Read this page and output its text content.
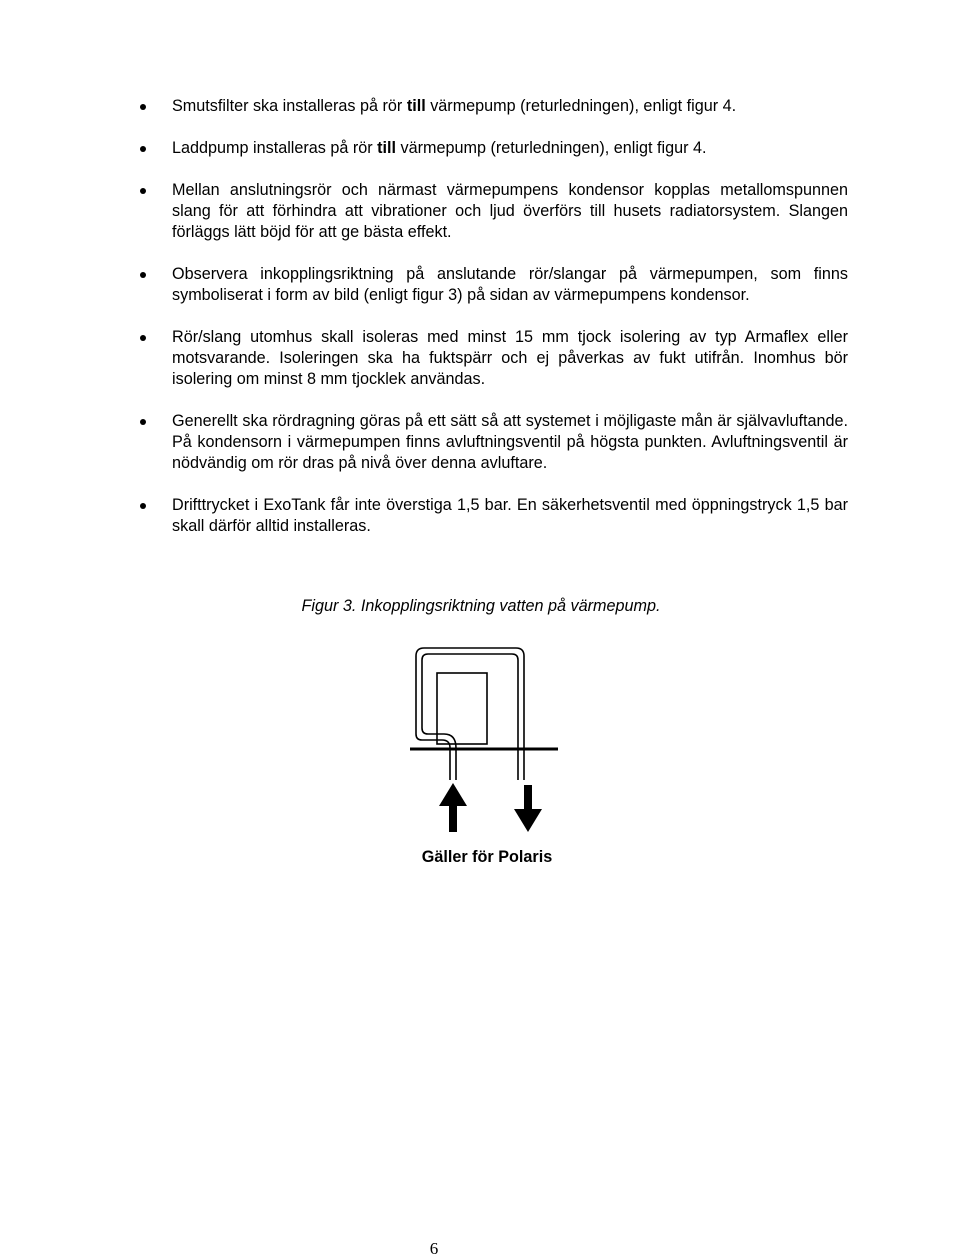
Smutsfilter ska installeras på rör till värmepump (returledningen), enligt figur 4.
Laddpump installeras på rör till värmepump (returledningen), enligt figur 4.
Mellan anslutningsrör och närmast värmepumpens kondensor kopplas metallomspunnen slang för att förhindra att vibrationer och ljud överförs till husets radiatorsystem. Slangen förläggs lätt böjd för att ge bästa effekt.
Observera inkopplingsriktning på anslutande rör/slangar på värmepumpen, som finns symboliserat i form av bild (enligt figur 3) på sidan av värmepumpens kondensor.
Rör/slang utomhus skall isoleras med minst 15 mm tjock isolering av typ Armaflex eller motsvarande. Isoleringen ska ha fuktspärr och ej påverkas av fukt utifrån. Inomhus bör isolering om minst 8 mm tjocklek användas.
Generellt ska rördragning göras på ett sätt så att systemet i möjligaste mån är självavluftande. På kondensorn i värmepumpen finns avluftningsventil på högsta punkten. Avluftningsventil är nödvändig om rör dras på nivå över denna avluftare.
Drifttrycket i ExoTank får inte överstiga 1,5 bar. En säkerhetsventil med öppningstryck 1,5 bar skall därför alltid installeras.
Figur 3. Inkopplingsriktning vatten på värmepump.
Gäller för Polaris
6
